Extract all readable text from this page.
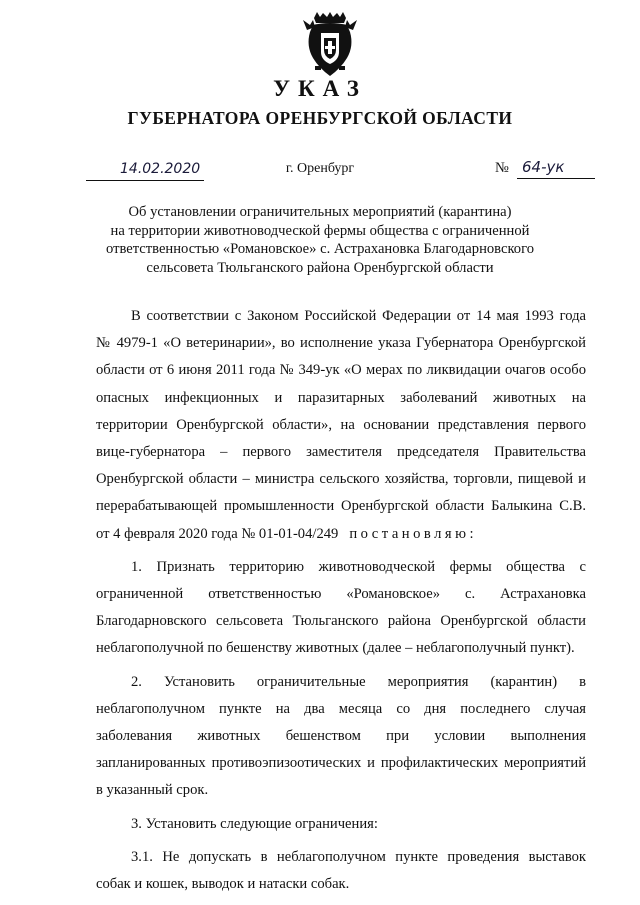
УКАЗ
ГУБЕРНАТОРА ОРЕНБУРГСКОЙ ОБЛАСТИ
14.02.2020	г. Оренбург	№ 64-ук
Об установлении ограничительных мероприятий (карантина)
на территории животноводческой фермы общества с ограниченной
ответственностью «Романовское» с. Астрахановка Благодарновского
сельсовета Тюльганского района Оренбургской области

В соответствии с Законом Российской Федерации от 14 мая 1993 года
№ 4979-1 «О ветеринарии», во исполнение указа Губернатора Оренбургской
области от 6 июня 2011 года № 349-ук «О мерах по ликвидации очагов особо
опасных инфекционных и паразитарных заболеваний животных на
территории Оренбургской области», на основании представления первого
вице-губернатора – первого заместителя председателя Правительства
Оренбургской области – министра сельского хозяйства, торговли, пищевой и
перерабатывающей промышленности Оренбургской области Балыкина С.В.
от 4 февраля 2020 года № 01-01-04/249 постановляю:

1. Признать территорию животноводческой фермы общества с
ограниченной ответственностью «Романовское» с. Астрахановка
Благодарновского сельсовета Тюльганского района Оренбургской области
неблагополучной по бешенству животных (далее – неблагополучный пункт).

2. Установить ограничительные мероприятия (карантин) в
неблагополучном пункте на два месяца со дня последнего случая
заболевания животных бешенством при условии выполнения
запланированных противоэпизоотических и профилактических мероприятий
в указанный срок.

3. Установить следующие ограничения:

3.1. Не допускать в неблагополучном пункте проведения выставок
собак и кошек, выводок и натаски собак.
